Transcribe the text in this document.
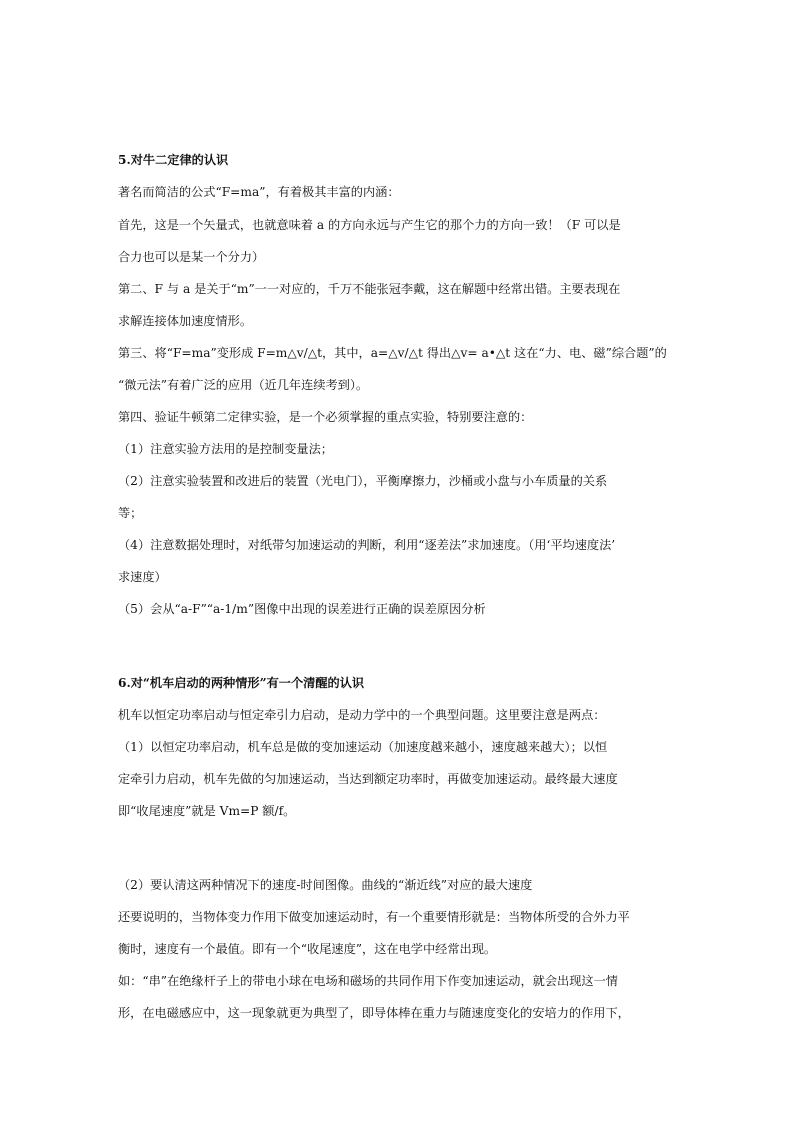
5.对牛二定律的认识
著名而简洁的公式“F=ma”，有着极其丰富的内涵：
首先，这是一个矢量式，也就意味着 a 的方向永远与产生它的那个力的方向一致！（F 可以是
合力也可以是某一个分力）
第二、F 与 a 是关于“m”一一对应的，千万不能张冠李戴，这在解题中经常出错。主要表现在
求解连接体加速度情形。
第三、将“F=ma”变形成 F=m△v/△t，其中，a=△v/△t 得出△v= a•△t 这在“力、电、磁”综合题”的
“微元法”有着广泛的应用（近几年连续考到）。
第四、验证牛顿第二定律实验，是一个必须掌握的重点实验，特别要注意的：
（1）注意实验方法用的是控制变量法；
（2）注意实验装置和改进后的装置（光电门），平衡摩擦力，沙桶或小盘与小车质量的关系
等；
（4）注意数据处理时，对纸带匀加速运动的判断，利用“逐差法”求加速度。（用‘平均速度法’
求速度）
（5）会从“a-F”“a-1/m”图像中出现的误差进行正确的误差原因分析
6.对“机车启动的两种情形”有一个清醒的认识
机车以恒定功率启动与恒定牵引力启动，是动力学中的一个典型问题。这里要注意是两点：
（1）以恒定功率启动，机车总是做的变加速运动（加速度越来越小，速度越来越大）；以恒
定牵引力启动，机车先做的匀加速运动，当达到额定功率时，再做变加速运动。最终最大速度
即“收尾速度”就是 Vm=P 额/f。
（2）要认清这两种情况下的速度-时间图像。曲线的“渐近线”对应的最大速度
还要说明的，当物体变力作用下做变加速运动时，有一个重要情形就是：当物体所受的合外力平
衡时，速度有一个最值。即有一个“收尾速度”，这在电学中经常出现。
如：“串”在绝缘杆子上的带电小球在电场和磁场的共同作用下作变加速运动，就会出现这一情
形，在电磁感应中，这一现象就更为典型了，即导体棒在重力与随速度变化的安培力的作用下，
